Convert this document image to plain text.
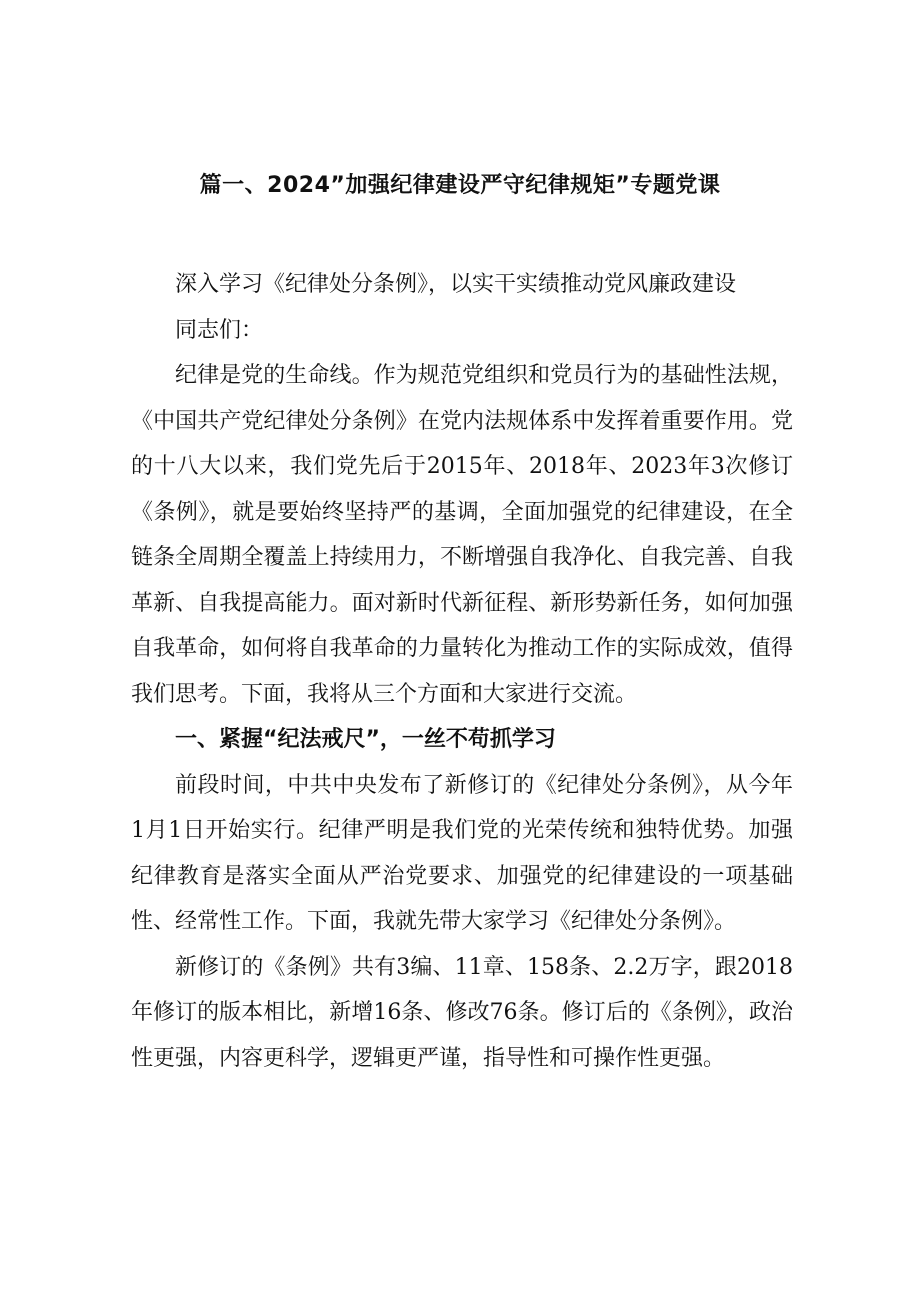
篇一、2024”加强纪律建设严守纪律规矩”专题党课

深入学习《纪律处分条例》，以实干实绩推动党风廉政建设

同志们：

纪律是党的生命线。作为规范党组织和党员行为的基础性法规，《中国共产党纪律处分条例》在党内法规体系中发挥着重要作用。党的十八大以来，我们党先后于2015年、2018年、2023年3次修订《条例》，就是要始终坚持严的基调，全面加强党的纪律建设，在全链条全周期全覆盖上持续用力，不断增强自我净化、自我完善、自我革新、自我提高能力。面对新时代新征程、新形势新任务，如何加强自我革命，如何将自我革命的力量转化为推动工作的实际成效，值得我们思考。下面，我将从三个方面和大家进行交流。

一、紧握“纪法戒尺”，一丝不苟抓学习

前段时间，中共中央发布了新修订的《纪律处分条例》，从今年1月1日开始实行。纪律严明是我们党的光荣传统和独特优势。加强纪律教育是落实全面从严治党要求、加强党的纪律建设的一项基础性、经常性工作。下面，我就先带大家学习《纪律处分条例》。

新修订的《条例》共有3编、11章、158条、2.2万字，跟2018年修订的版本相比，新增16条、修改76条。修订后的《条例》，政治性更强，内容更科学，逻辑更严谨，指导性和可操作性更强。
